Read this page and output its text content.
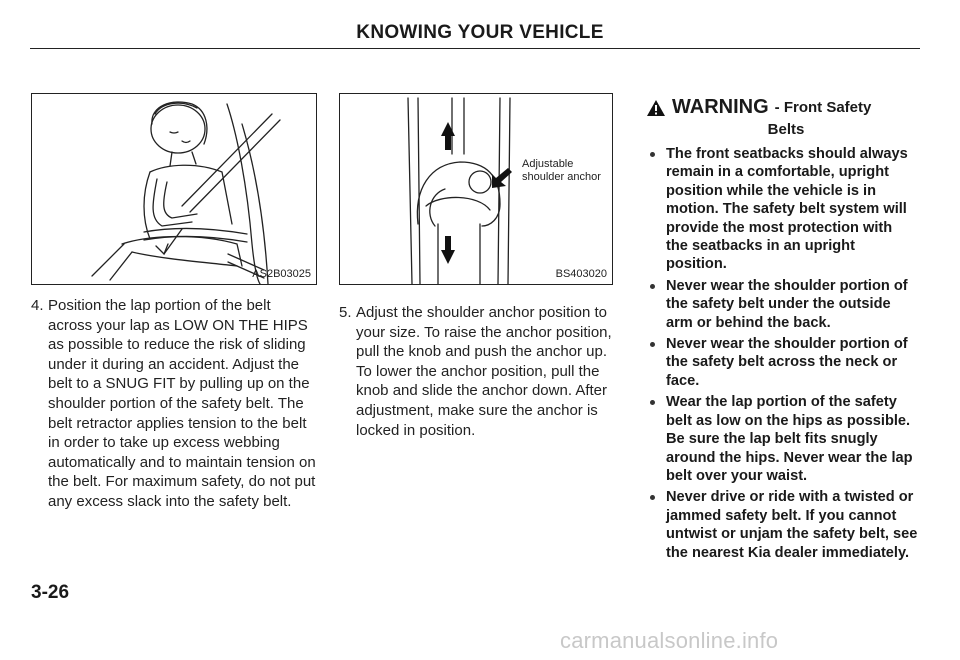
KNOWING YOUR VEHICLE
AS2B03025
Adjustable shoulder anchor
BS403020
4. Position the lap portion of the belt across your lap as LOW ON THE HIPS as possible to reduce the risk of sliding under it during an accident. Adjust the belt to a SNUG FIT by pulling up on the shoulder portion of the safety belt. The belt retractor applies tension to the belt in order to take up excess webbing automatically and to maintain tension on the belt. For maximum safety, do not put any excess slack into the safety belt.
5. Adjust the shoulder anchor position to your size. To raise the anchor position, pull the knob and push the anchor up. To lower the anchor position, pull the knob and slide the anchor down. After adjustment, make sure the anchor is locked in position.
WARNING - Front Safety
Belts
The front seatbacks should always remain in a comfortable, upright position while the vehicle is in motion. The safety belt system will provide the most protection with the seatbacks in an upright position.
Never wear the shoulder portion of the safety belt under the outside arm or behind the back.
Never wear the shoulder portion of the safety belt across the neck or face.
Wear the lap portion of the safety belt as low on the hips as possible. Be sure the lap belt fits snugly around the hips. Never wear the lap belt over your waist.
Never drive or ride with a twisted or jammed safety belt. If you cannot untwist or unjam the safety belt, see the nearest Kia dealer immediately.
3-26
carmanualsonline.info
